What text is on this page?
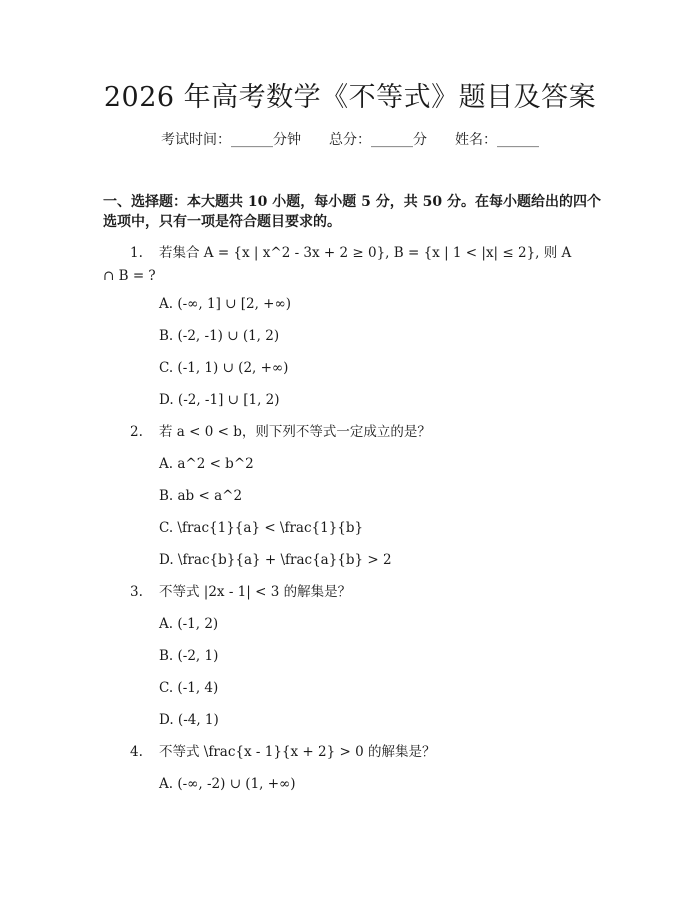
2026 年高考数学《不等式》题目及答案
考试时间：______分钟 总分：______分 姓名：______
一、选择题：本大题共 10 小题，每小题 5 分，共 50 分。在每小题给出的四个选项中，只有一项是符合题目要求的。
1. 若集合 A = {x | x^2 - 3x + 2 ≥ 0}, B = {x | 1 < |x| ≤ 2}, 则 A
∩ B = ?
A. (-∞, 1] ∪ [2, +∞)
B. (-2, -1) ∪ (1, 2)
C. (-1, 1) ∪ (2, +∞)
D. (-2, -1] ∪ [1, 2)
2. 若 a < 0 < b，则下列不等式一定成立的是？
A. a^2 < b^2
B. ab < a^2
C. \frac{1}{a} < \frac{1}{b}
D. \frac{b}{a} + \frac{a}{b} > 2
3. 不等式 |2x - 1| < 3 的解集是？
A. (-1, 2)
B. (-2, 1)
C. (-1, 4)
D. (-4, 1)
4. 不等式 \frac{x - 1}{x + 2} > 0 的解集是？
A. (-∞, -2) ∪ (1, +∞)
